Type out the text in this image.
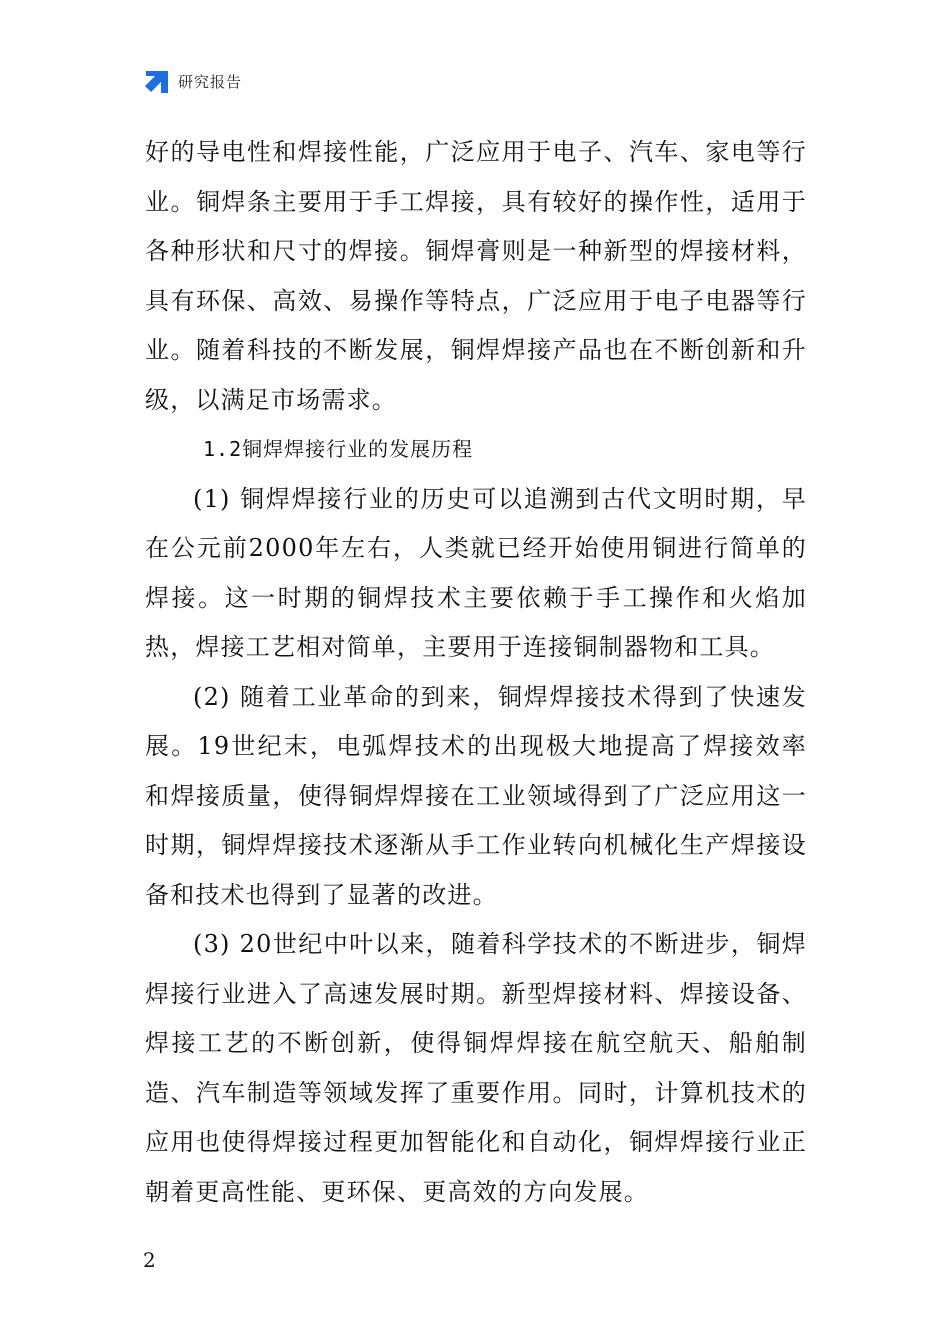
研究报告

好的导电性和焊接性能，广泛应用于电子、汽车、家电等行业。铜焊条主要用于手工焊接，具有较好的操作性，适用于各种形状和尺寸的焊接。铜焊膏则是一种新型的焊接材料，具有环保、高效、易操作等特点，广泛应用于电子电器等行业。随着科技的不断发展，铜焊焊接产品也在不断创新和升级，以满足市场需求。

1.2铜焊焊接行业的发展历程

(1) 铜焊焊接行业的历史可以追溯到古代文明时期，早在公元前2000年左右，人类就已经开始使用铜进行简单的焊接。这一时期的铜焊技术主要依赖于手工操作和火焰加热，焊接工艺相对简单，主要用于连接铜制器物和工具。

(2) 随着工业革命的到来，铜焊焊接技术得到了快速发展。19世纪末，电弧焊技术的出现极大地提高了焊接效率和焊接质量，使得铜焊焊接在工业领域得到了广泛应用这一时期，铜焊焊接技术逐渐从手工作业转向机械化生产焊接设备和技术也得到了显著的改进。

(3) 20世纪中叶以来，随着科学技术的不断进步，铜焊焊接行业进入了高速发展时期。新型焊接材料、焊接设备、焊接工艺的不断创新，使得铜焊焊接在航空航天、船舶制造、汽车制造等领域发挥了重要作用。同时，计算机技术的应用也使得焊接过程更加智能化和自动化，铜焊焊接行业正朝着更高性能、更环保、更高效的方向发展。

2
